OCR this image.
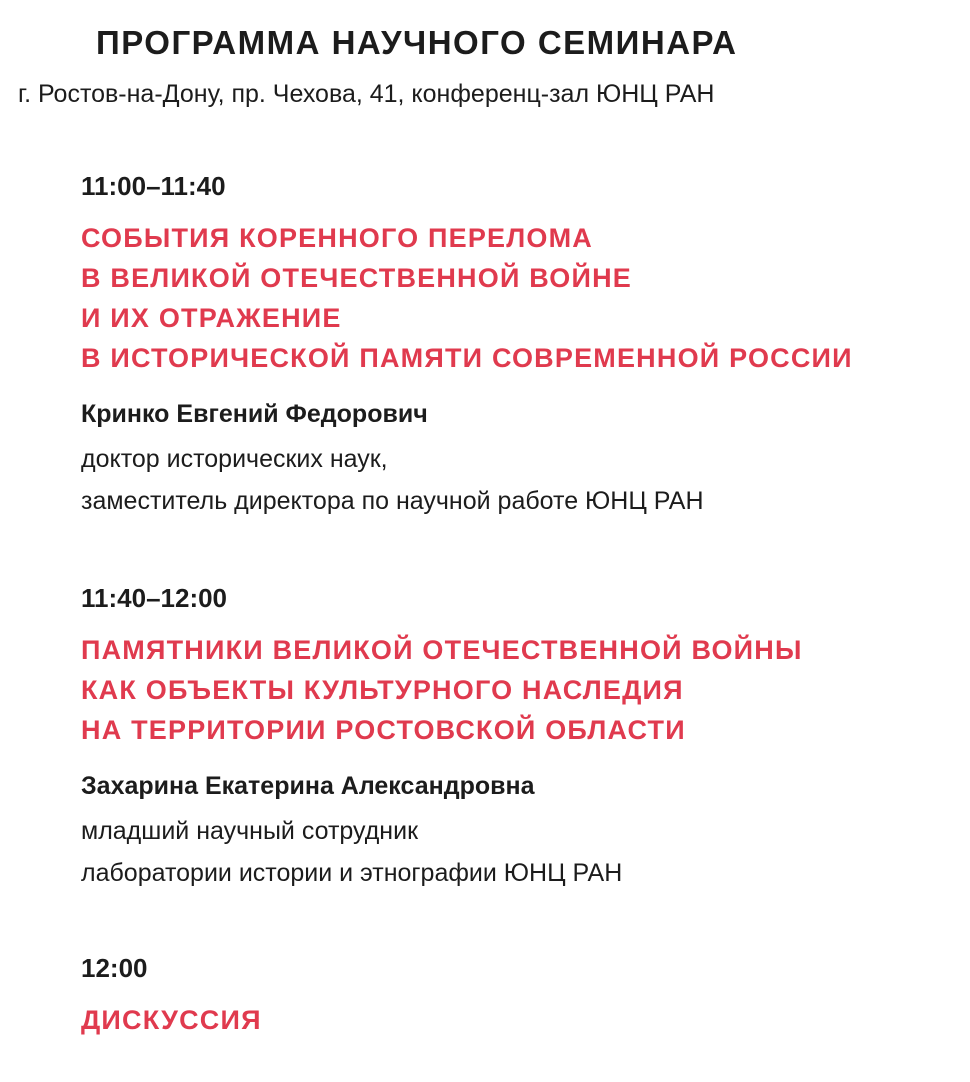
ПРОГРАММА НАУЧНОГО СЕМИНАРА
г. Ростов-на-Дону, пр. Чехова, 41, конференц-зал ЮНЦ РАН
11:00–11:40
СОБЫТИЯ КОРЕННОГО ПЕРЕЛОМА
В ВЕЛИКОЙ ОТЕЧЕСТВЕННОЙ ВОЙНЕ
И ИХ ОТРАЖЕНИЕ
В ИСТОРИЧЕСКОЙ ПАМЯТИ СОВРЕМЕННОЙ РОССИИ
Кринко Евгений Федорович
доктор исторических наук,
заместитель директора по научной работе ЮНЦ РАН
11:40–12:00
ПАМЯТНИКИ ВЕЛИКОЙ ОТЕЧЕСТВЕННОЙ ВОЙНЫ
КАК ОБЪЕКТЫ КУЛЬТУРНОГО НАСЛЕДИЯ
НА ТЕРРИТОРИИ РОСТОВСКОЙ ОБЛАСТИ
Захарина Екатерина Александровна
младший научный сотрудник
лаборатории истории и этнографии ЮНЦ РАН
12:00
ДИСКУССИЯ
